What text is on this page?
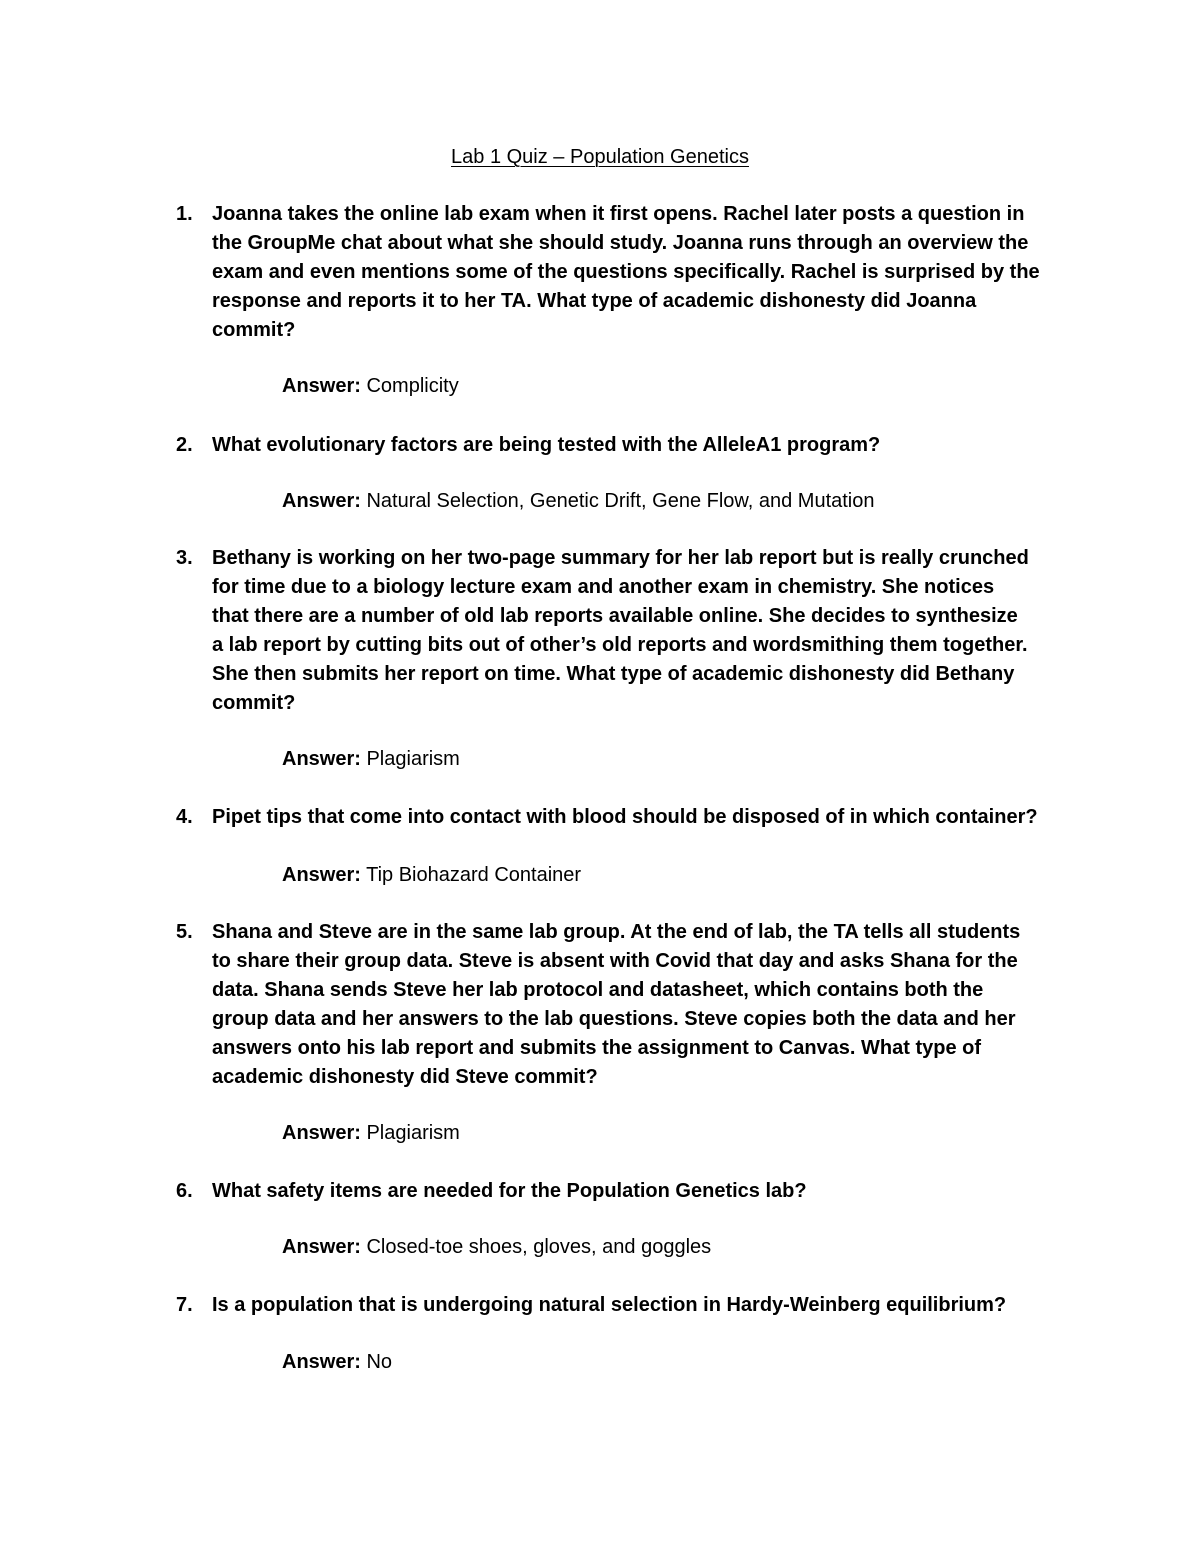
Lab 1 Quiz – Population Genetics
1. Joanna takes the online lab exam when it first opens. Rachel later posts a question in
the GroupMe chat about what she should study. Joanna runs through an overview the
exam and even mentions some of the questions specifically. Rachel is surprised by the
response and reports it to her TA. What type of academic dishonesty did Joanna
commit?
Answer: Complicity
2. What evolutionary factors are being tested with the AlleleA1 program?
Answer: Natural Selection, Genetic Drift, Gene Flow, and Mutation
3. Bethany is working on her two-page summary for her lab report but is really crunched
for time due to a biology lecture exam and another exam in chemistry. She notices
that there are a number of old lab reports available online. She decides to synthesize
a lab report by cutting bits out of other’s old reports and wordsmithing them together.
She then submits her report on time. What type of academic dishonesty did Bethany
commit?
Answer: Plagiarism
4. Pipet tips that come into contact with blood should be disposed of in which container?
Answer: Tip Biohazard Container
5. Shana and Steve are in the same lab group. At the end of lab, the TA tells all students
to share their group data. Steve is absent with Covid that day and asks Shana for the
data. Shana sends Steve her lab protocol and datasheet, which contains both the
group data and her answers to the lab questions. Steve copies both the data and her
answers onto his lab report and submits the assignment to Canvas. What type of
academic dishonesty did Steve commit?
Answer: Plagiarism
6. What safety items are needed for the Population Genetics lab?
Answer: Closed-toe shoes, gloves, and goggles
7. Is a population that is undergoing natural selection in Hardy-Weinberg equilibrium?
Answer: No
